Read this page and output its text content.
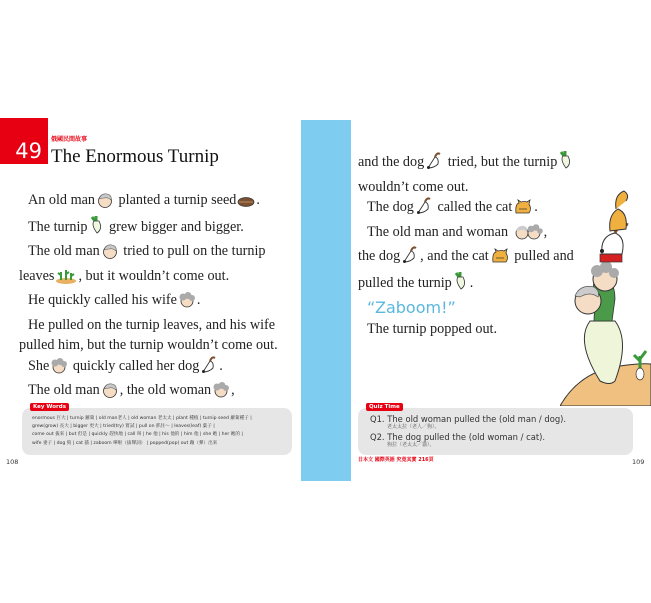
49 俄國民間故事
The Enormous Turnip
An old man planted a turnip seed .
The turnip grew bigger and bigger.
The old man tried to pull on the turnip
leaves , but it wouldn’t come out.
He quickly called his wife .
He pulled on the turnip leaves, and his wife
pulled him, but the turnip wouldn’t come out.
She quickly called her dog .
The old man , the old woman ,
Key Words
enormous 巨大 | turnip 蘿蔔 | old man老人 | old woman 老太太 | plant 種植 | turnip seed 蘿蔔種子 |
grew(grow) 長大 | bigger 更大 | tried(try) 嘗試 | pull on 抓住～ | leaves(leaf) 葉子 |
come out 拔來 | but 但是 | quickly 趕快地 | call 叫 | he 他 | his 他的 | him 他 | she 她 | her 她的 |
wife 妻子 | dog 狗 | cat 貓 | zaboom 嘩啦（拔聲詞） | popped(pop) out 蹦（彈）出來
108
and the dog tried, but the turnip
wouldn’t come out.
The dog called the cat .
The old man and woman ,
the dog , and the cat pulled and
pulled the turnip .
“Zaboom!”
The turnip popped out.
Quiz Time
Q1. The old woman pulled the (old man / dog).
老太太拉（老人／狗）。
Q2. The dog pulled the (old woman / cat).
狗拉（老太太／貓）。
日本文 國際英語 究竟其實 216頁	109
